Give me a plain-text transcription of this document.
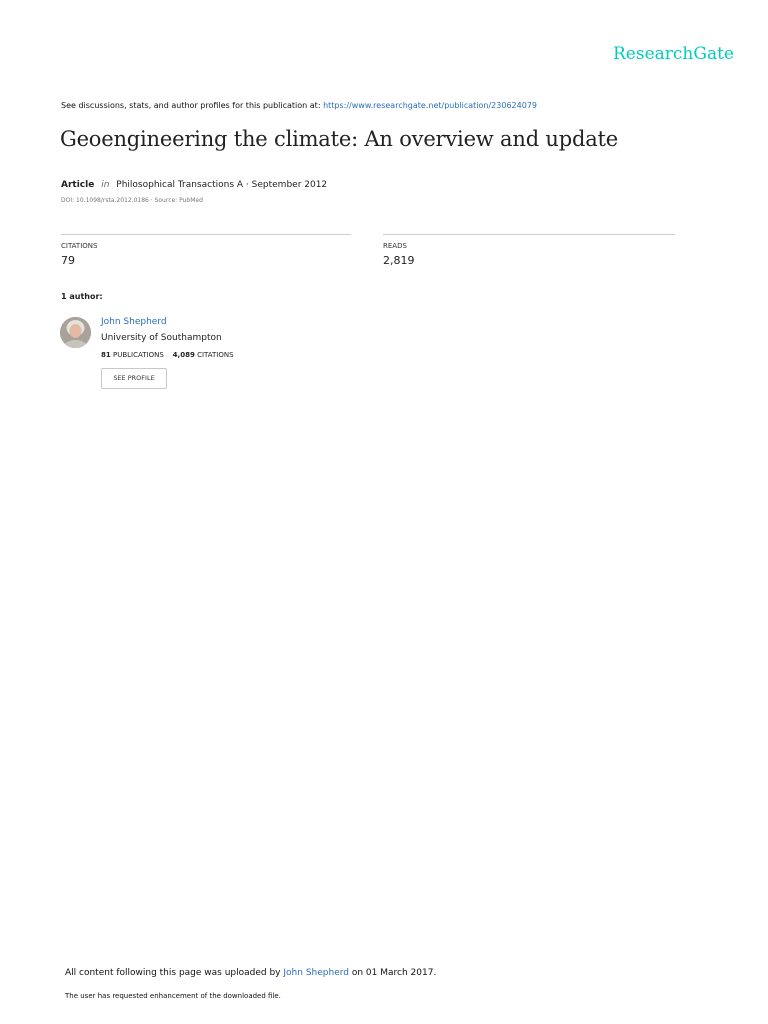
ResearchGate
See discussions, stats, and author profiles for this publication at: https://www.researchgate.net/publication/230624079
Geoengineering the climate: An overview and update
Article in Philosophical Transactions A · September 2012
DOI: 10.1098/rsta.2012.0186 · Source: PubMed
CITATIONS
79
READS
2,819
1 author:
John Shepherd
University of Southampton
81 PUBLICATIONS 4,089 CITATIONS
SEE PROFILE
All content following this page was uploaded by John Shepherd on 01 March 2017.
The user has requested enhancement of the downloaded file.
